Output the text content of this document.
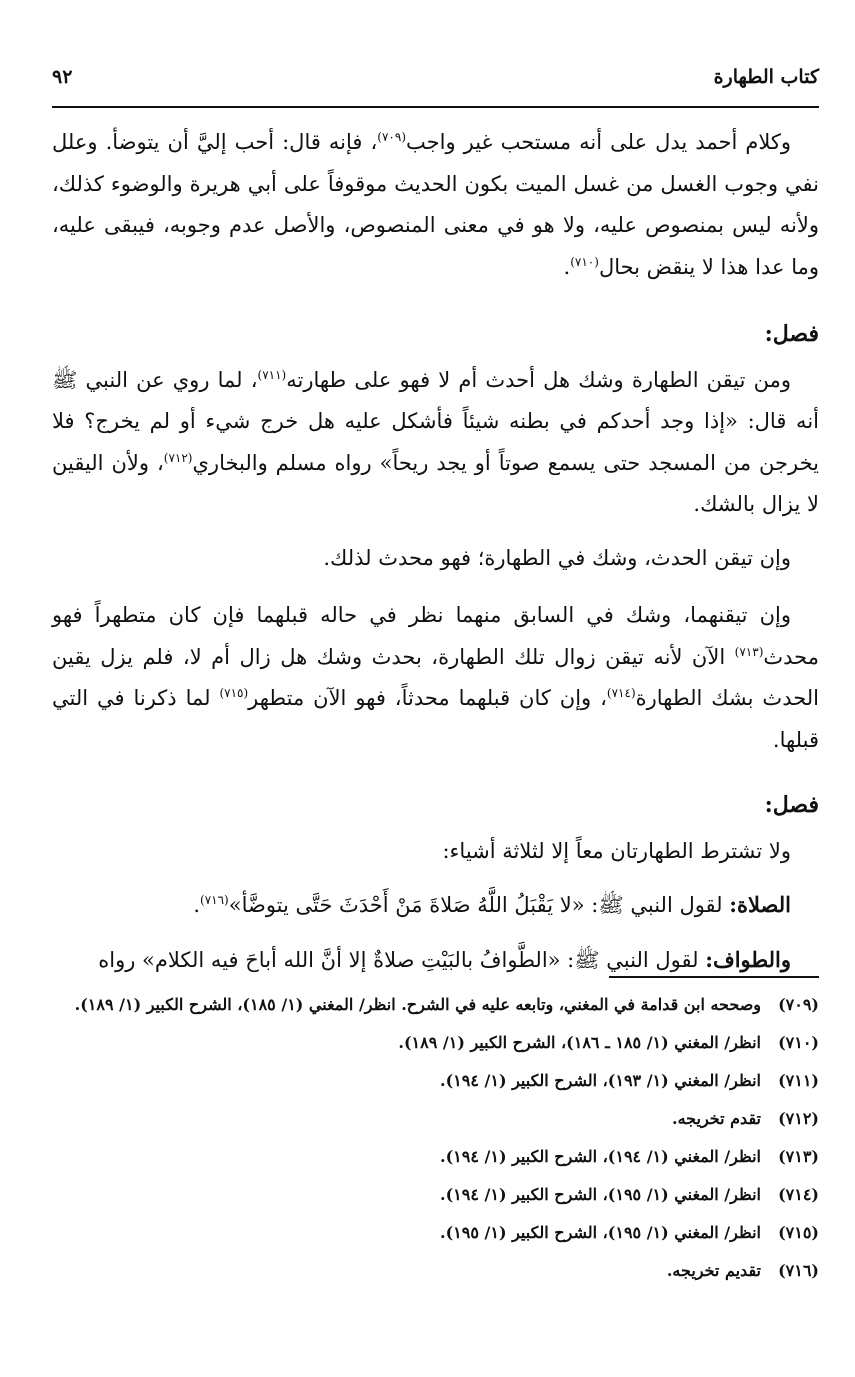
كتاب الطهارة
٩٢

وكلام أحمد يدل على أنه مستحب غير واجب$^{(٧٠٩)}$، فإنه قال: أحب إليَّ أن يتوضأ. وعلل نفي وجوب الغسل من غسل الميت بكون الحديث موقوفاً على أبي هريرة والوضوء كذلك، ولأنه ليس بمنصوص عليه، ولا هو في معنى المنصوص، والأصل عدم وجوبه، فيبقى عليه، وما عدا هذا لا ينقض بحال$^{(٧١٠)}$.

فصل:

ومن تيقن الطهارة وشك هل أحدث أم لا فهو على طهارته$^{(٧١١)}$، لما روي عن النبي ﷺ أنه قال: «إذا وجد أحدكم في بطنه شيئاً فأشكل عليه هل خرج شيء أو لم يخرج؟ فلا يخرجن من المسجد حتى يسمع صوتاً أو يجد ريحاً» رواه مسلم والبخاري$^{(٧١٢)}$، ولأن اليقين لا يزال بالشك.

وإن تيقن الحدث، وشك في الطهارة؛ فهو محدث لذلك.

وإن تيقنهما، وشك في السابق منهما نظر في حاله قبلهما فإن كان متطهراً فهو محدث$^{(٧١٣)}$ الآن لأنه تيقن زوال تلك الطهارة، بحدث وشك هل زال أم لا، فلم يزل يقين الحدث بشك الطهارة$^{(٧١٤)}$، وإن كان قبلهما محدثاً، فهو الآن متطهر$^{(٧١٥)}$ لما ذكرنا في التي قبلها.

فصل:

ولا تشترط الطهارتان معاً إلا لثلاثة أشياء:

الصلاة: لقول النبي ﷺ: «لا يَقْبَلُ اللَّهُ صَلاةَ مَنْ أَحْدَثَ حَتَّى يتوضَّأ»$^{(٧١٦)}$.

والطواف: لقول النبي ﷺ: «الطَّوافُ بالبَيْتِ صلاةٌ إلا أنَّ الله أباحَ فيه الكلام» رواه

(٧٠٩)
وصححه ابن قدامة في المغني، وتابعه عليه في الشرح. انظر/ المغني (١/ ١٨٥)، الشرح الكبير (١/ ١٨٩).
(٧١٠)
انظر/ المغني (١/ ١٨٥ ـ ١٨٦)، الشرح الكبير (١/ ١٨٩).
(٧١١)
انظر/ المغني (١/ ١٩٣)، الشرح الكبير (١/ ١٩٤).
(٧١٢)
تقدم تخريجه.
(٧١٣)
انظر/ المغني (١/ ١٩٤)، الشرح الكبير (١/ ١٩٤).
(٧١٤)
انظر/ المغني (١/ ١٩٥)، الشرح الكبير (١/ ١٩٤).
(٧١٥)
انظر/ المغني (١/ ١٩٥)، الشرح الكبير (١/ ١٩٥).
(٧١٦)
تقديم تخريجه.
